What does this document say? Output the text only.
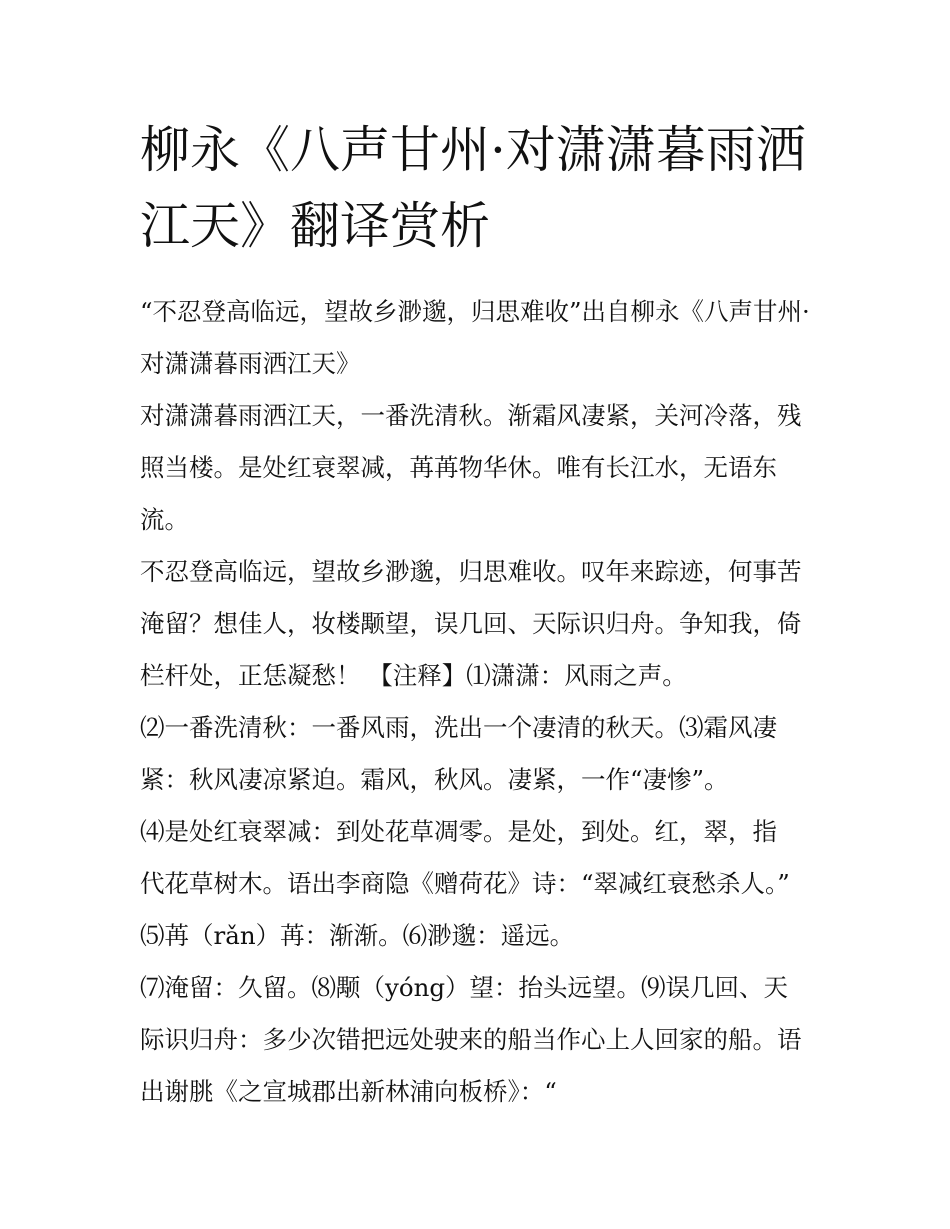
柳永《八声甘州·对潇潇暮雨洒
江天》翻译赏析
“不忍登高临远，望故乡渺邈，归思难收”出自柳永《八声甘州·
对潇潇暮雨洒江天》
对潇潇暮雨洒江天，一番洗清秋。渐霜风凄紧，关河冷落，残
照当楼。是处红衰翠减，苒苒物华休。唯有长江水，无语东
流。
不忍登高临远，望故乡渺邈，归思难收。叹年来踪迹，何事苦
淹留？想佳人，妆楼颙望，误几回、天际识归舟。争知我，倚
栏杆处，正恁凝愁！ 【注释】⑴潇潇：风雨之声。
⑵一番洗清秋：一番风雨，洗出一个凄清的秋天。⑶霜风凄
紧：秋风凄凉紧迫。霜风，秋风。凄紧，一作“凄惨”。
⑷是处红衰翠减：到处花草凋零。是处，到处。红，翠，指
代花草树木。语出李商隐《赠荷花》诗：“翠减红衰愁杀人。”
⑸苒（rǎn）苒：渐渐。⑹渺邈：遥远。
⑺淹留：久留。⑻颙（yóng）望：抬头远望。⑼误几回、天
际识归舟：多少次错把远处驶来的船当作心上人回家的船。语
出谢朓《之宣城郡出新林浦向板桥》：“
